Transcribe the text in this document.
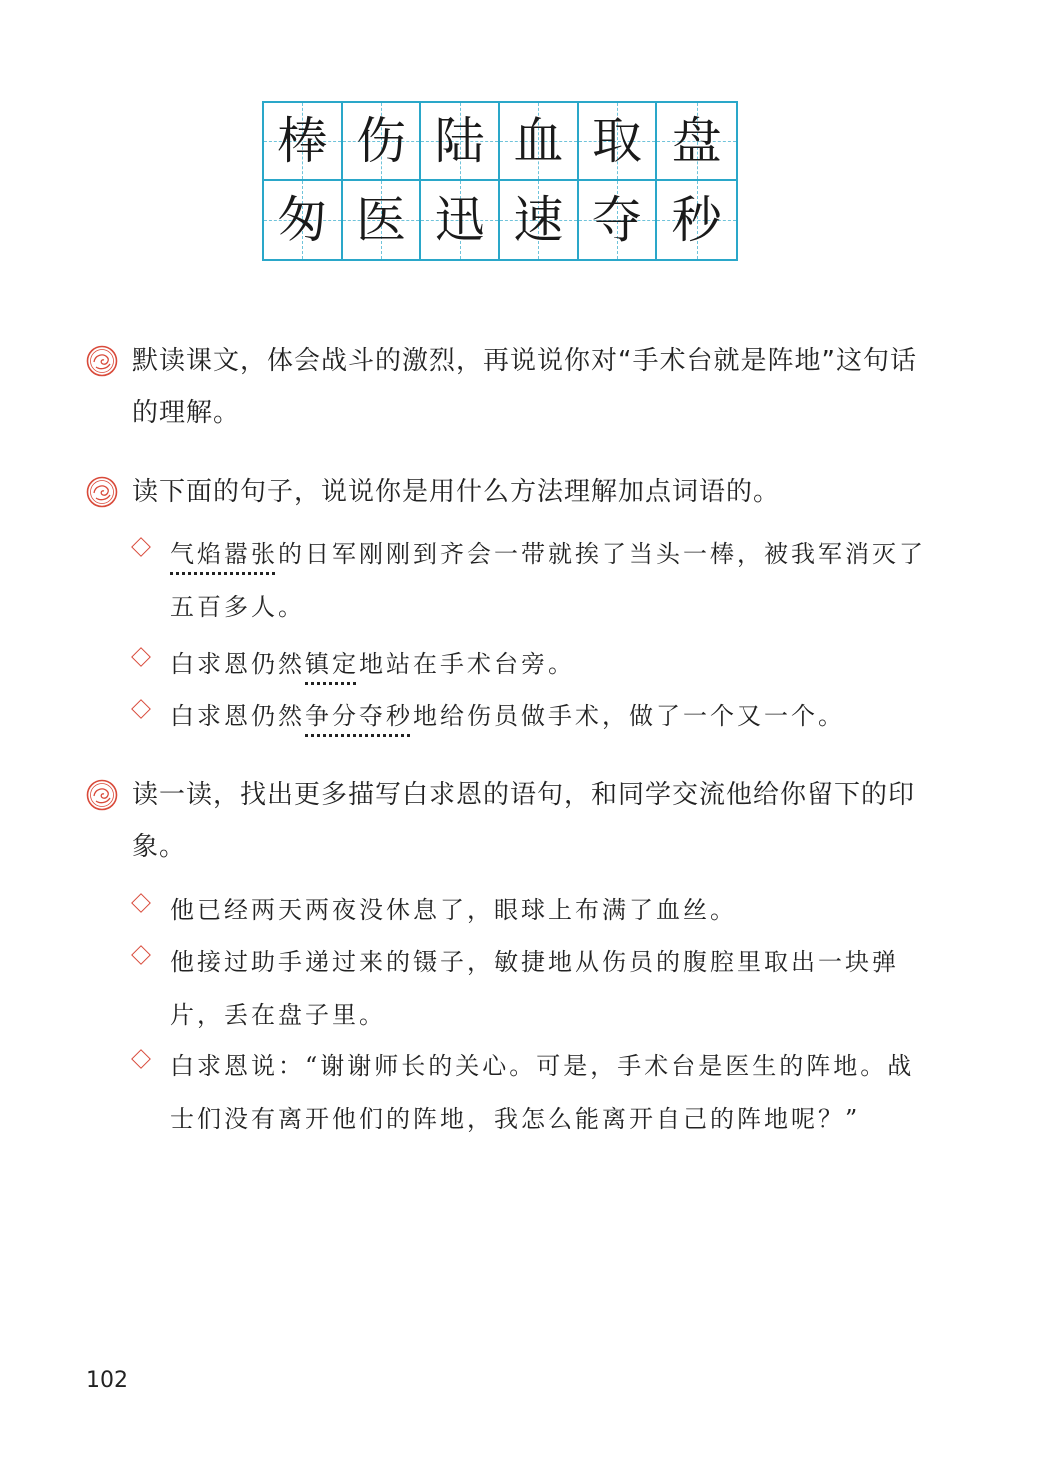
棒 伤 陆 血 取 盘
匆 医 迅 速 夺 秒
默读课文，体会战斗的激烈，再说说你对“手术台就是阵地”这句话的理解。
读下面的句子，说说你是用什么方法理解加点词语的。
气焰嚣张的日军刚刚到齐会一带就挨了当头一棒，被我军消灭了五百多人。
白求恩仍然镇定地站在手术台旁。
白求恩仍然争分夺秒地给伤员做手术，做了一个又一个。
读一读，找出更多描写白求恩的语句，和同学交流他给你留下的印象。
他已经两天两夜没休息了，眼球上布满了血丝。
他接过助手递过来的镊子，敏捷地从伤员的腹腔里取出一块弹片，丢在盘子里。
白求恩说：“谢谢师长的关心。可是，手术台是医生的阵地。战士们没有离开他们的阵地，我怎么能离开自己的阵地呢？”
102
